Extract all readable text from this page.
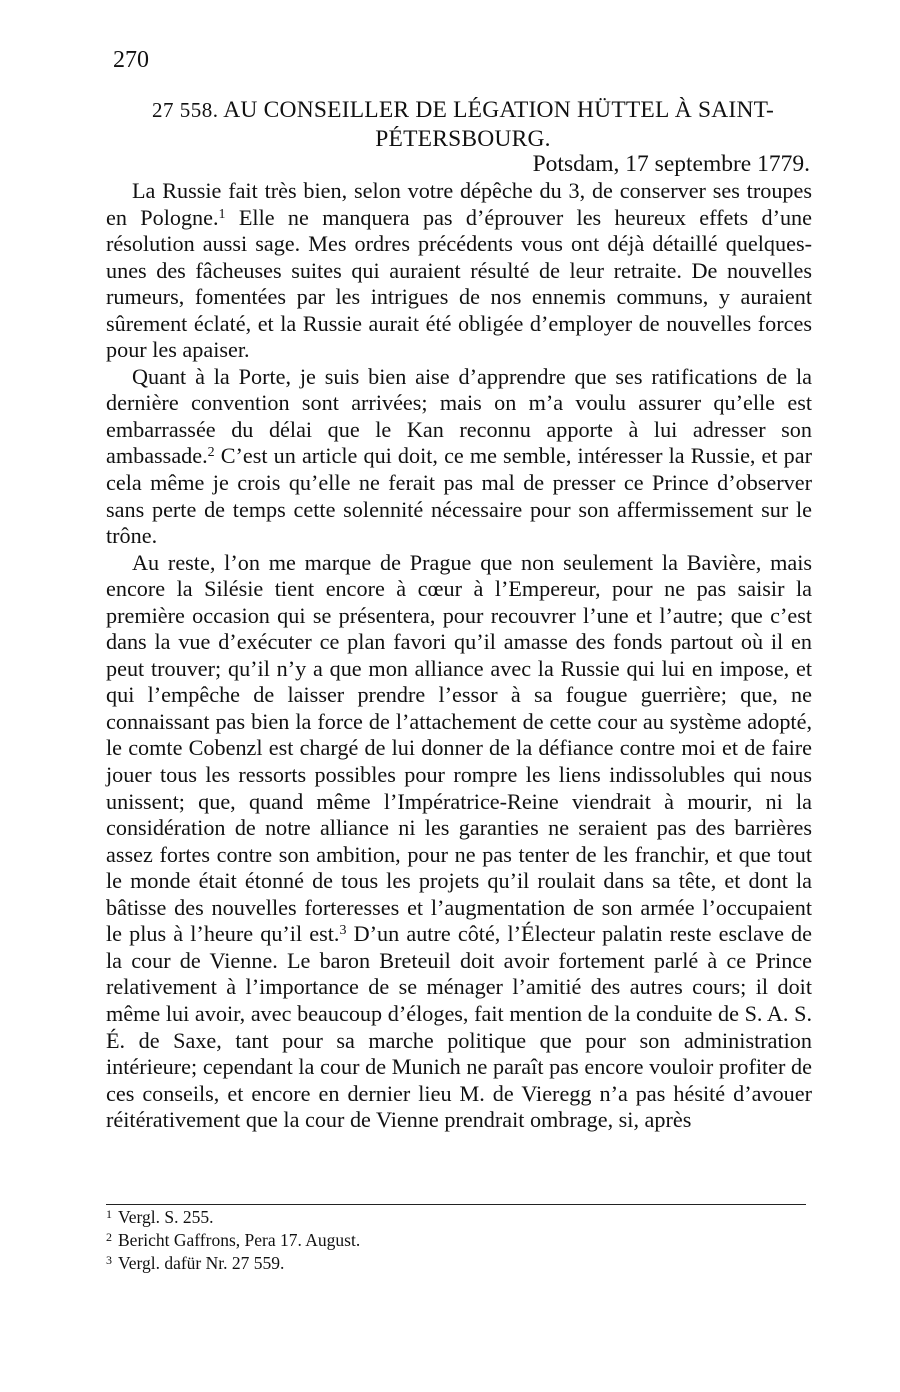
270
27 558. AU CONSEILLER DE LÉGATION HÜTTEL À SAINT-
PÉTERSBOURG.
Potsdam, 17 septembre 1779.

La Russie fait très bien, selon votre dépêche du 3, de conserver ses troupes en Pologne.$^1$ Elle ne manquera pas d’éprouver les heureux effets d’une résolution aussi sage. Mes ordres précédents vous ont déjà détaillé quelques-unes des fâcheuses suites qui auraient résulté de leur retraite. De nouvelles rumeurs, fomentées par les intrigues de nos ennemis communs, y auraient sûrement éclaté, et la Russie aurait été obligée d’employer de nouvelles forces pour les apaiser.

Quant à la Porte, je suis bien aise d’apprendre que ses ratifications de la dernière convention sont arrivées; mais on m’a voulu assurer qu’elle est embarrassée du délai que le Kan reconnu apporte à lui adresser son ambassade.$^2$ C’est un article qui doit, ce me semble, intéresser la Russie, et par cela même je crois qu’elle ne ferait pas mal de presser ce Prince d’observer sans perte de temps cette solennité nécessaire pour son affermissement sur le trône.

Au reste, l’on me marque de Prague que non seulement la Bavière, mais encore la Silésie tient encore à cœur à l’Empereur, pour ne pas saisir la première occasion qui se présentera, pour recouvrer l’une et l’autre; que c’est dans la vue d’exécuter ce plan favori qu’il amasse des fonds partout où il en peut trouver; qu’il n’y a que mon alliance avec la Russie qui lui en impose, et qui l’empêche de laisser prendre l’essor à sa fougue guerrière; que, ne connaissant pas bien la force de l’attachement de cette cour au système adopté, le comte Cobenzl est chargé de lui donner de la défiance contre moi et de faire jouer tous les ressorts possibles pour rompre les liens indissolubles qui nous unissent; que, quand même l’Impératrice-Reine viendrait à mourir, ni la considération de notre alliance ni les garanties ne seraient pas des barrières assez fortes contre son ambition, pour ne pas tenter de les franchir, et que tout le monde était étonné de tous les projets qu’il roulait dans sa tête, et dont la bâtisse des nouvelles forteresses et l’augmentation de son armée l’occupaient le plus à l’heure qu’il est.$^3$ D’un autre côté, l’Électeur palatin reste esclave de la cour de Vienne. Le baron Breteuil doit avoir fortement parlé à ce Prince relativement à l’importance de se ménager l’amitié des autres cours; il doit même lui avoir, avec beaucoup d’éloges, fait mention de la conduite de S. A. S. É. de Saxe, tant pour sa marche politique que pour son administration intérieure; cependant la cour de Munich ne paraît pas encore vouloir profiter de ces conseils, et encore en dernier lieu M. de Vieregg n’a pas hésité d’avouer réitérativement que la cour de Vienne prendrait ombrage, si, après

$^1$ Vergl. S. 255.
$^2$ Bericht Gaffrons, Pera 17. August.
$^3$ Vergl. dafür Nr. 27 559.
